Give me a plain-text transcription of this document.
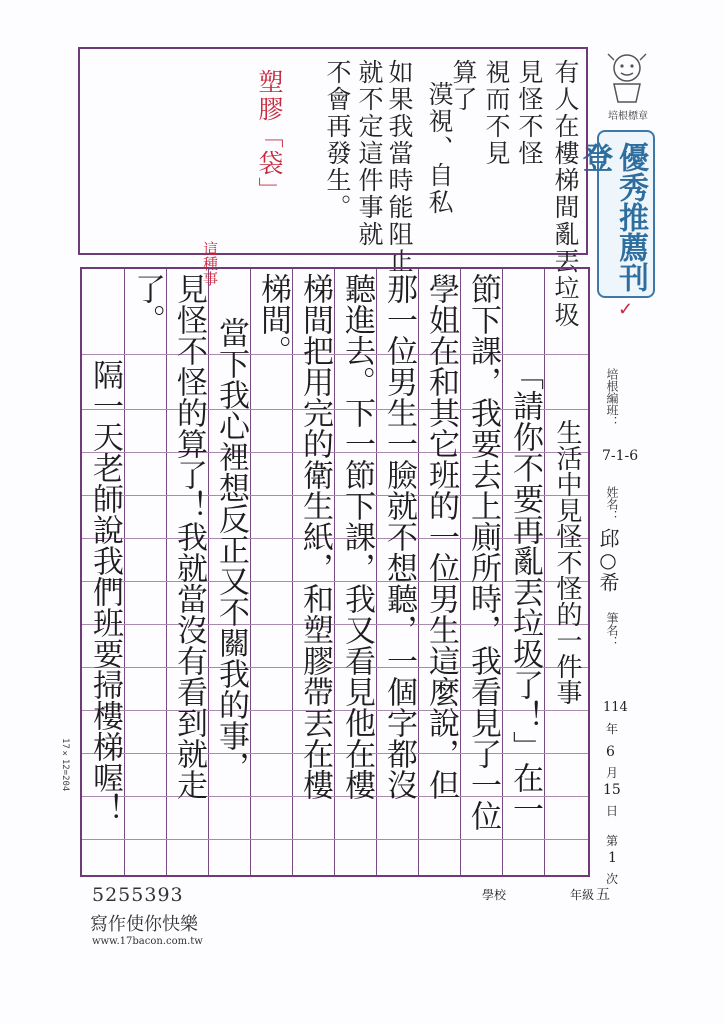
培根標章
優秀推薦刊登
有人在樓梯間亂丟垃圾
見怪不怪
視而不見
算了
漠視、自私
如果我當時能阻止
就不定這件事就
不會再發生。
塑膠「袋」
生活中見怪不怪的一件事
「請你不要再亂丟垃圾了！」在一
節下課，我要去上廁所時，我看見了一位
學姐在和其它班的一位男生這麼說，但
那一位男生一臉就不想聽，一個字都沒
聽進去。下一節下課，我又看見他在樓
梯間把用完的衛生紙，和塑膠帶丟在樓
梯間。
當下我心裡想反正又不關我的事，
見怪不怪的算了！我就當沒有看到就走
了。
隔一天老師說我們班要掃樓梯喔！
這種事
✓
培根編班：
7-1-6
姓名：
邱○希
筆名：
114
年
6
月
15
日
第
1
次
學校	年級 五
5255393
寫作使你快樂
www.17bacon.com.tw
17×12=204
